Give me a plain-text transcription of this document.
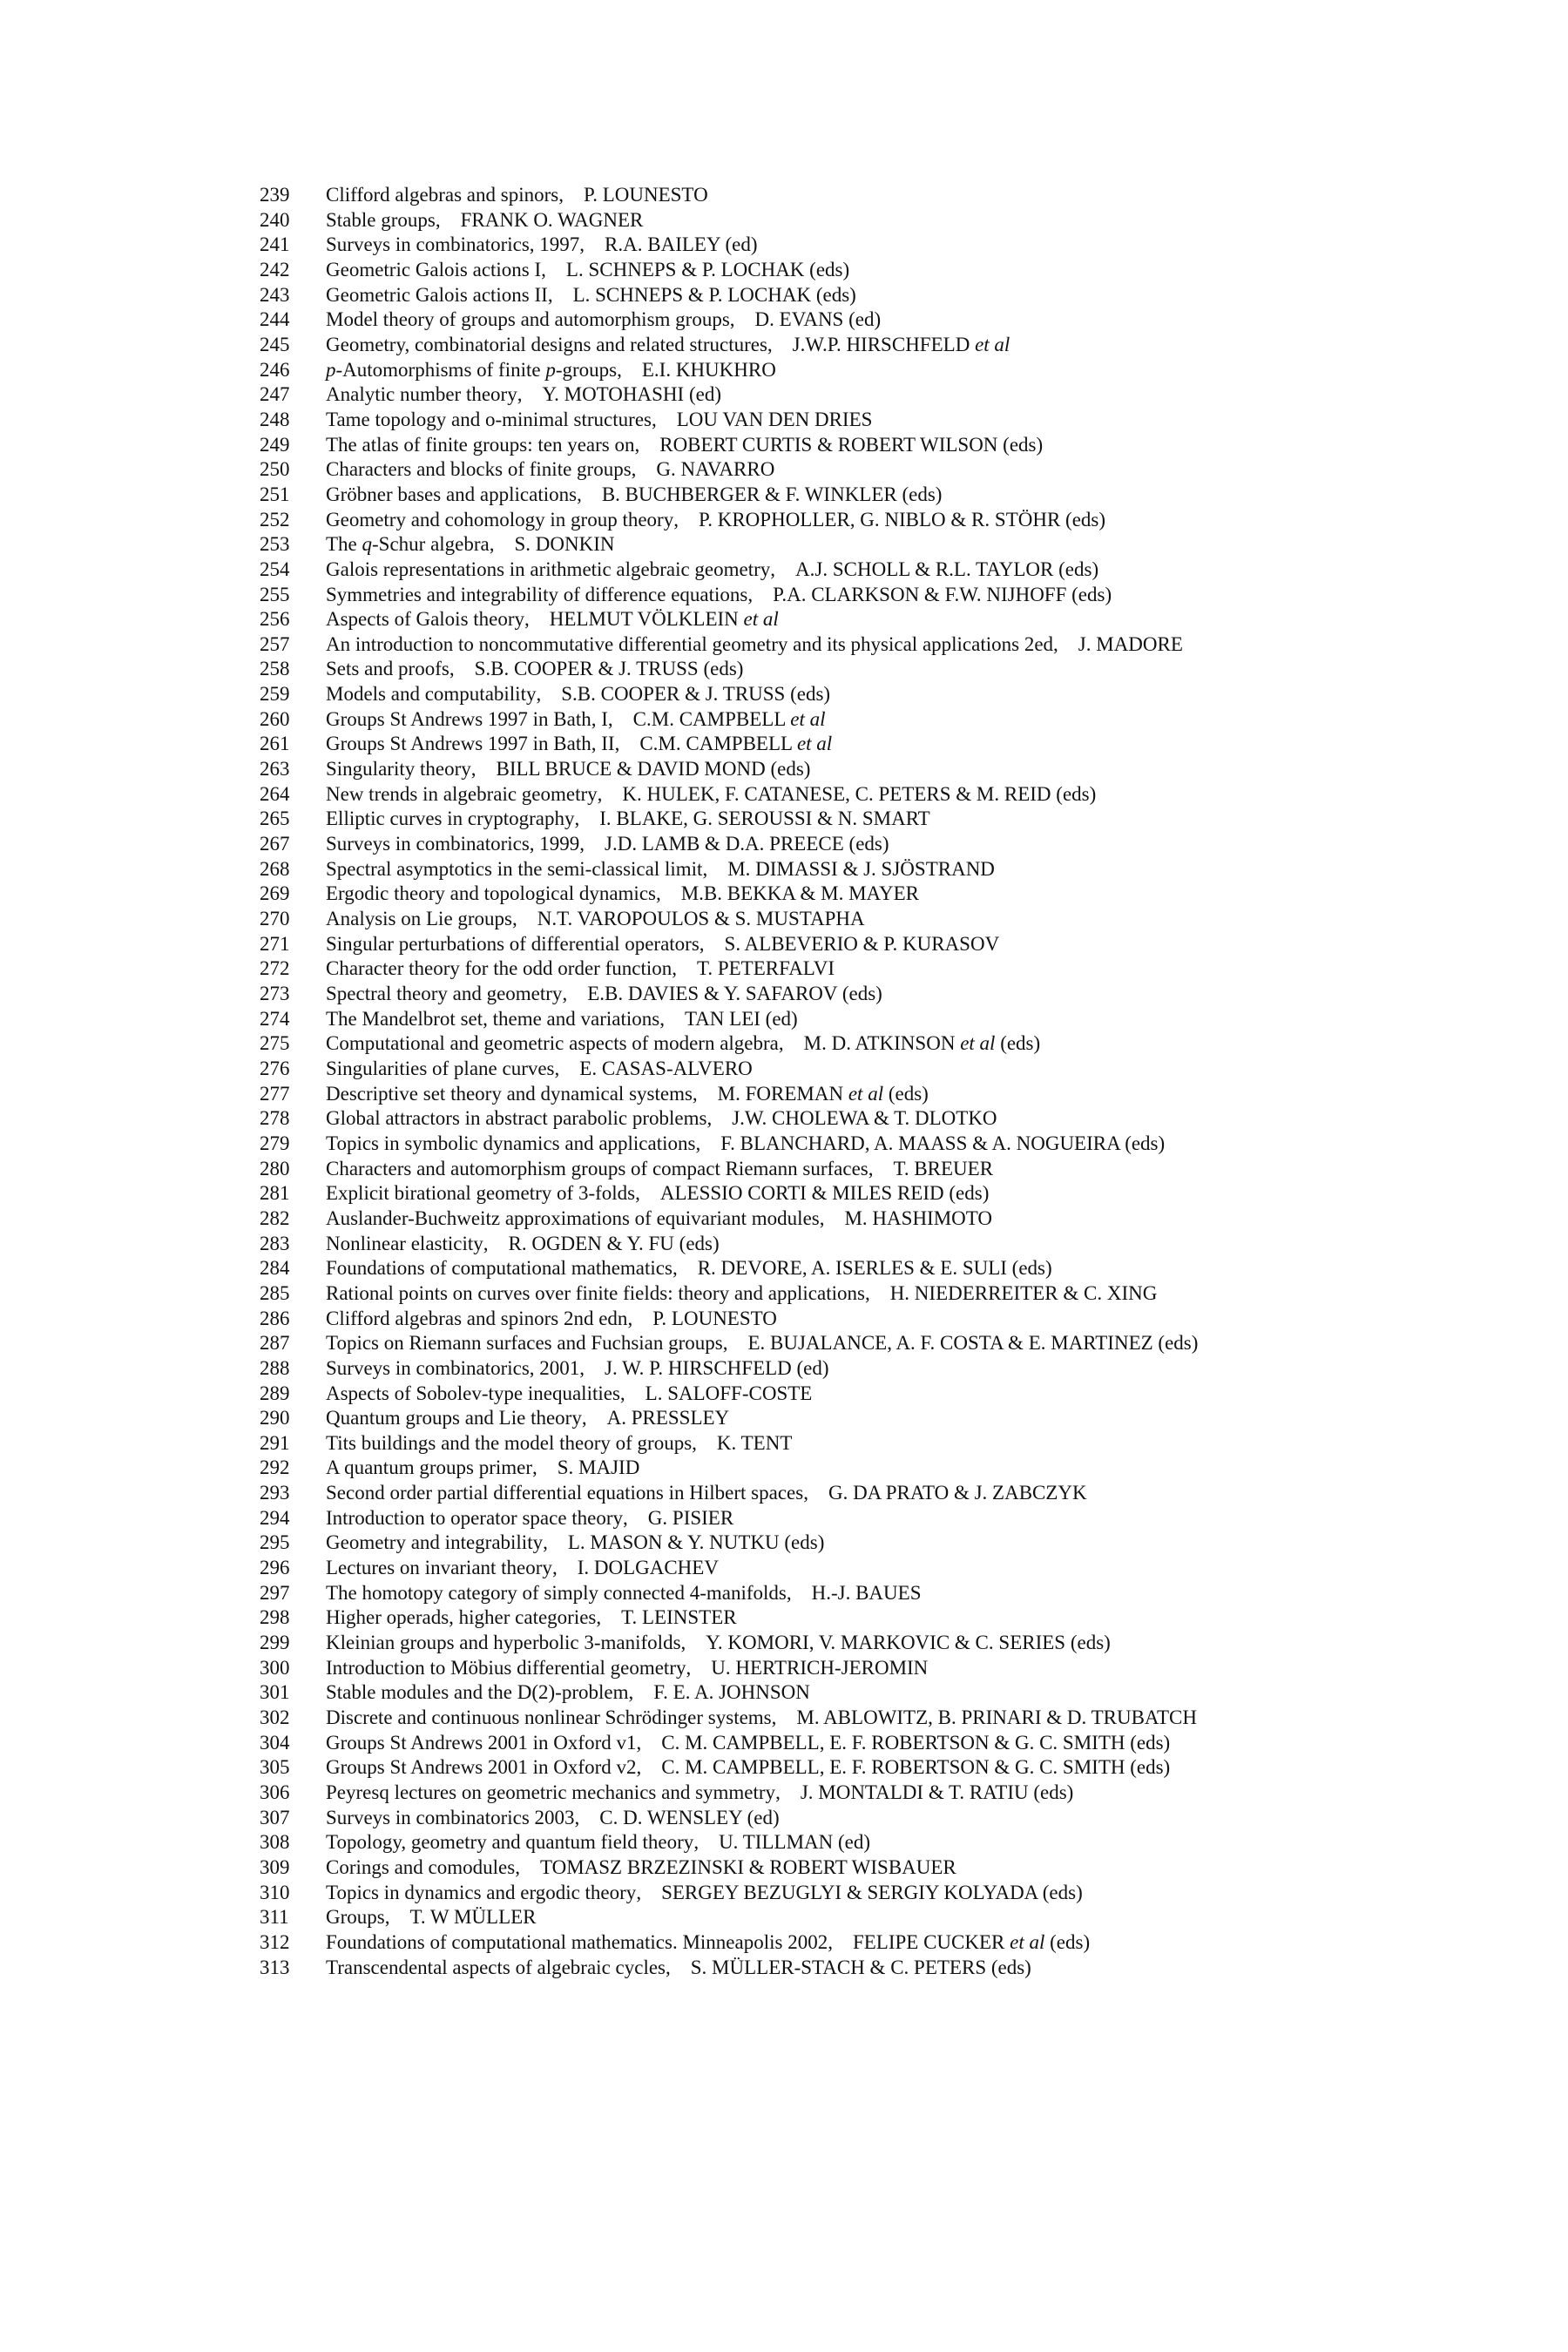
239	Clifford algebras and spinors , P. LOUNESTO
240	Stable groups , FRANK O. WAGNER
241	Surveys in combinatorics, 1997 , R.A. BAILEY (ed)
242	Geometric Galois actions I , L. SCHNEPS & P. LOCHAK (eds)
243	Geometric Galois actions II , L. SCHNEPS & P. LOCHAK (eds)
244	Model theory of groups and automorphism groups , D. EVANS (ed)
245	Geometry, combinatorial designs and related structures , J.W.P. HIRSCHFELD et al
246	p-Automorphisms of finite p-groups , E.I. KHUKHRO
247	Analytic number theory , Y. MOTOHASHI (ed)
248	Tame topology and o-minimal structures , LOU VAN DEN DRIES
249	The atlas of finite groups: ten years on , ROBERT CURTIS & ROBERT WILSON (eds)
250	Characters and blocks of finite groups , G. NAVARRO
251	Gröbner bases and applications , B. BUCHBERGER & F. WINKLER (eds)
252	Geometry and cohomology in group theory , P. KROPHOLLER, G. NIBLO & R. STÖHR (eds)
253	The q-Schur algebra , S. DONKIN
254	Galois representations in arithmetic algebraic geometry , A.J. SCHOLL & R.L. TAYLOR (eds)
255	Symmetries and integrability of difference equations , P.A. CLARKSON & F.W. NIJHOFF (eds)
256	Aspects of Galois theory , HELMUT VÖLKLEIN et al
257	An introduction to noncommutative differential geometry and its physical applications 2ed , J. MADORE
258	Sets and proofs , S.B. COOPER & J. TRUSS (eds)
259	Models and computability , S.B. COOPER & J. TRUSS (eds)
260	Groups St Andrews 1997 in Bath, I , C.M. CAMPBELL et al
261	Groups St Andrews 1997 in Bath, II , C.M. CAMPBELL et al
263	Singularity theory , BILL BRUCE & DAVID MOND (eds)
264	New trends in algebraic geometry , K. HULEK, F. CATANESE, C. PETERS & M. REID (eds)
265	Elliptic curves in cryptography , I. BLAKE, G. SEROUSSI & N. SMART
267	Surveys in combinatorics, 1999 , J.D. LAMB & D.A. PREECE (eds)
268	Spectral asymptotics in the semi-classical limit , M. DIMASSI & J. SJÖSTRAND
269	Ergodic theory and topological dynamics , M.B. BEKKA & M. MAYER
270	Analysis on Lie groups , N.T. VAROPOULOS & S. MUSTAPHA
271	Singular perturbations of differential operators , S. ALBEVERIO & P. KURASOV
272	Character theory for the odd order function , T. PETERFALVI
273	Spectral theory and geometry , E.B. DAVIES & Y. SAFAROV (eds)
274	The Mandelbrot set, theme and variations , TAN LEI (ed)
275	Computational and geometric aspects of modern algebra , M. D. ATKINSON et al (eds)
276	Singularities of plane curves , E. CASAS-ALVERO
277	Descriptive set theory and dynamical systems , M. FOREMAN et al (eds)
278	Global attractors in abstract parabolic problems , J.W. CHOLEWA & T. DLOTKO
279	Topics in symbolic dynamics and applications , F. BLANCHARD, A. MAASS & A. NOGUEIRA (eds)
280	Characters and automorphism groups of compact Riemann surfaces , T. BREUER
281	Explicit birational geometry of 3-folds , ALESSIO CORTI & MILES REID (eds)
282	Auslander-Buchweitz approximations of equivariant modules , M. HASHIMOTO
283	Nonlinear elasticity , R. OGDEN & Y. FU (eds)
284	Foundations of computational mathematics , R. DEVORE, A. ISERLES & E. SULI (eds)
285	Rational points on curves over finite fields: theory and applications , H. NIEDERREITER & C. XING
286	Clifford algebras and spinors 2nd edn , P. LOUNESTO
287	Topics on Riemann surfaces and Fuchsian groups , E. BUJALANCE, A. F. COSTA & E. MARTINEZ (eds)
288	Surveys in combinatorics, 2001 , J. W. P. HIRSCHFELD (ed)
289	Aspects of Sobolev-type inequalities , L. SALOFF-COSTE
290	Quantum groups and Lie theory , A. PRESSLEY
291	Tits buildings and the model theory of groups , K. TENT
292	A quantum groups primer , S. MAJID
293	Second order partial differential equations in Hilbert spaces , G. DA PRATO & J. ZABCZYK
294	Introduction to operator space theory , G. PISIER
295	Geometry and integrability , L. MASON & Y. NUTKU (eds)
296	Lectures on invariant theory , I. DOLGACHEV
297	The homotopy category of simply connected 4-manifolds , H.-J. BAUES
298	Higher operads, higher categories , T. LEINSTER
299	Kleinian groups and hyperbolic 3-manifolds , Y. KOMORI, V. MARKOVIC & C. SERIES (eds)
300	Introduction to Möbius differential geometry , U. HERTRICH-JEROMIN
301	Stable modules and the D(2)-problem , F. E. A. JOHNSON
302	Discrete and continuous nonlinear Schrödinger systems , M. ABLOWITZ, B. PRINARI & D. TRUBATCH
304	Groups St Andrews 2001 in Oxford v1 , C. M. CAMPBELL, E. F. ROBERTSON & G. C. SMITH (eds)
305	Groups St Andrews 2001 in Oxford v2 , C. M. CAMPBELL, E. F. ROBERTSON & G. C. SMITH (eds)
306	Peyresq lectures on geometric mechanics and symmetry , J. MONTALDI & T. RATIU (eds)
307	Surveys in combinatorics 2003 , C. D. WENSLEY (ed)
308	Topology, geometry and quantum field theory , U. TILLMAN (ed)
309	Corings and comodules , TOMASZ BRZEZINSKI & ROBERT WISBAUER
310	Topics in dynamics and ergodic theory , SERGEY BEZUGLYI & SERGIY KOLYADA (eds)
311	Groups , T. W MÜLLER
312	Foundations of computational mathematics. Minneapolis 2002 , FELIPE CUCKER et al (eds)
313	Transcendental aspects of algebraic cycles , S. MÜLLER-STACH & C. PETERS (eds)
